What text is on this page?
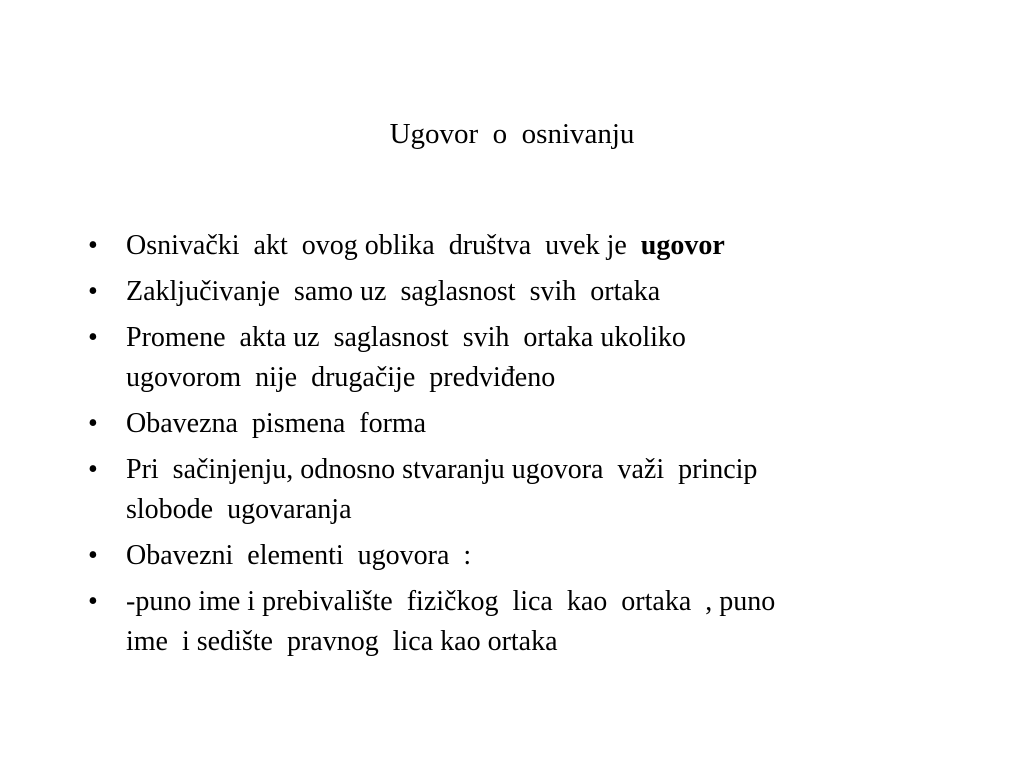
Ugovor  o  osnivanju
•	Osnivački  akt  ovog oblika  društva  uvek je  ugovor
•	Zaključivanje  samo uz  saglasnost  svih  ortaka
•	Promene  akta uz  saglasnost  svih  ortaka ukoliko
ugovorom  nije  drugačije  predviđeno
•	Obavezna  pismena  forma
•	Pri  sačinjenju, odnosno stvaranju ugovora  važi  princip
slobode  ugovaranja
•	Obavezni  elementi  ugovora  :
•	-puno ime i prebivalište  fizičkog  lica  kao  ortaka  , puno
ime  i sedište  pravnog  lica kao ortaka
